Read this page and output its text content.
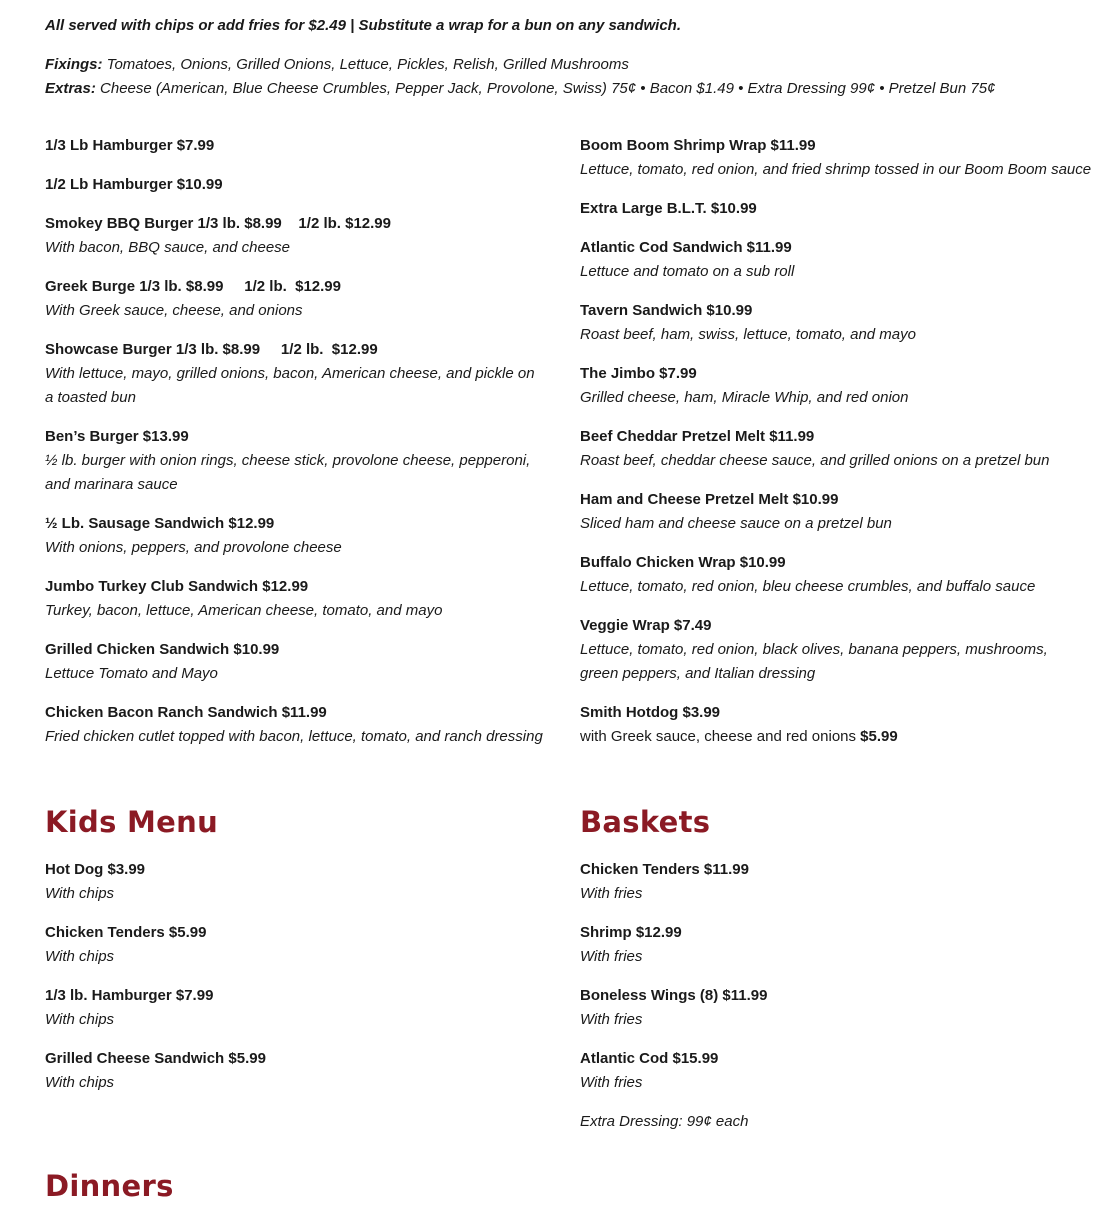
All served with chips or add fries for $2.49 | Substitute a wrap for a bun on any sandwich.
Fixings: Tomatoes, Onions, Grilled Onions, Lettuce, Pickles, Relish, Grilled Mushrooms
Extras: Cheese (American, Blue Cheese Crumbles, Pepper Jack, Provolone, Swiss) 75¢ • Bacon $1.49 • Extra Dressing 99¢ • Pretzel Bun 75¢
1/3 Lb Hamburger $7.99
1/2 Lb Hamburger $10.99
Smokey BBQ Burger 1/3 lb. $8.99    1/2 lb. $12.99
With bacon, BBQ sauce, and cheese
Greek Burge 1/3 lb. $8.99     1/2 lb.  $12.99
With Greek sauce, cheese, and onions
Showcase Burger 1/3 lb. $8.99     1/2 lb.  $12.99
With lettuce, mayo, grilled onions, bacon, American cheese, and pickle on a toasted bun
Ben’s Burger $13.99
½ lb. burger with onion rings, cheese stick, provolone cheese, pepperoni, and marinara sauce
½ Lb. Sausage Sandwich $12.99
With onions, peppers, and provolone cheese
Jumbo Turkey Club Sandwich $12.99
Turkey, bacon, lettuce, American cheese, tomato, and mayo
Grilled Chicken Sandwich $10.99
Lettuce Tomato and Mayo
Chicken Bacon Ranch Sandwich $11.99
Fried chicken cutlet topped with bacon, lettuce, tomato, and ranch dressing
Boom Boom Shrimp Wrap $11.99
Lettuce, tomato, red onion, and fried shrimp tossed in our Boom Boom sauce
Extra Large B.L.T. $10.99
Atlantic Cod Sandwich $11.99
Lettuce and tomato on a sub roll
Tavern Sandwich $10.99
Roast beef, ham, swiss, lettuce, tomato, and mayo
The Jimbo $7.99
Grilled cheese, ham, Miracle Whip, and red onion
Beef Cheddar Pretzel Melt $11.99
Roast beef, cheddar cheese sauce, and grilled onions on a pretzel bun
Ham and Cheese Pretzel Melt $10.99
Sliced ham and cheese sauce on a pretzel bun
Buffalo Chicken Wrap $10.99
Lettuce, tomato, red onion, bleu cheese crumbles, and buffalo sauce
Veggie Wrap $7.49
Lettuce, tomato, red onion, black olives, banana peppers, mushrooms, green peppers, and Italian dressing
Smith Hotdog $3.99
with Greek sauce, cheese and red onions $5.99
Kids Menu
Hot Dog $3.99
With chips
Chicken Tenders $5.99
With chips
1/3 lb. Hamburger $7.99
With chips
Grilled Cheese Sandwich $5.99
With chips
Baskets
Chicken Tenders $11.99
With fries
Shrimp $12.99
With fries
Boneless Wings (8) $11.99
With fries
Atlantic Cod $15.99
With fries
Extra Dressing: 99¢ each
Dinners
